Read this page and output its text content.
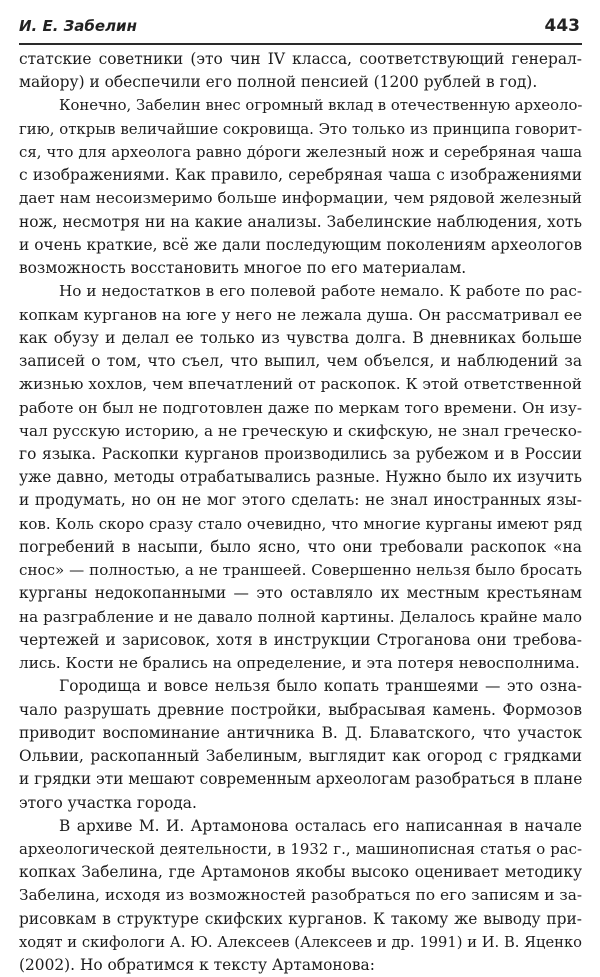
И. Е. Забелин	443
статские советники (это чин IV класса, соответствующий генерал-
майору) и обеспечили его полной пенсией (1200 рублей в год).
Конечно, Забелин внес огромный вклад в отечественную археоло-
гию, открыв величайшие сокровища. Это только из принципа говорит-
ся, что для археолога равно до́роги железный нож и серебряная чаша
с изображениями. Как правило, серебряная чаша с изображениями
дает нам несоизмеримо больше информации, чем рядовой железный
нож, несмотря ни на какие анализы. Забелинские наблюдения, хоть
и очень краткие, всё же дали последующим поколениям археологов
возможность восстановить многое по его материалам.
Но и недостатков в его полевой работе немало. К работе по рас-
копкам курганов на юге у него не лежала душа. Он рассматривал ее
как обузу и делал ее только из чувства долга. В дневниках больше
записей о том, что съел, что выпил, чем объелся, и наблюдений за
жизнью хохлов, чем впечатлений от раскопок. К этой ответственной
работе он был не подготовлен даже по меркам того времени. Он изу-
чал русскую историю, а не греческую и скифскую, не знал греческо-
го языка. Раскопки курганов производились за рубежом и в России
уже давно, методы отрабатывались разные. Нужно было их изучить
и продумать, но он не мог этого сделать: не знал иностранных язы-
ков. Коль скоро сразу стало очевидно, что многие курганы имеют ряд
погребений в насыпи, было ясно, что они требовали раскопок «на
снос» — полностью, а не траншеей. Совершенно нельзя было бросать
курганы недокопанными — это оставляло их местным крестьянам
на разграбление и не давало полной картины. Делалось крайне мало
чертежей и зарисовок, хотя в инструкции Строганова они требова-
лись. Кости не брались на определение, и эта потеря невосполнима.
Городища и вовсе нельзя было копать траншеями — это озна-
чало разрушать древние постройки, выбрасывая камень. Формозов
приводит воспоминание античника В. Д. Блаватского, что участок
Ольвии, раскопанный Забелиным, выглядит как огород с грядками
и грядки эти мешают современным археологам разобраться в плане
этого участка города.
В архиве М. И. Артамонова осталась его написанная в начале
археологической деятельности, в 1932 г., машинописная статья о рас-
копках Забелина, где Артамонов якобы высоко оценивает методику
Забелина, исходя из возможностей разобраться по его записям и за-
рисовкам в структуре скифских курганов. К такому же выводу при-
ходят и скифологи А. Ю. Алексеев (Алексеев и др. 1991) и И. В. Яценко
(2002). Но обратимся к тексту Артамонова:
